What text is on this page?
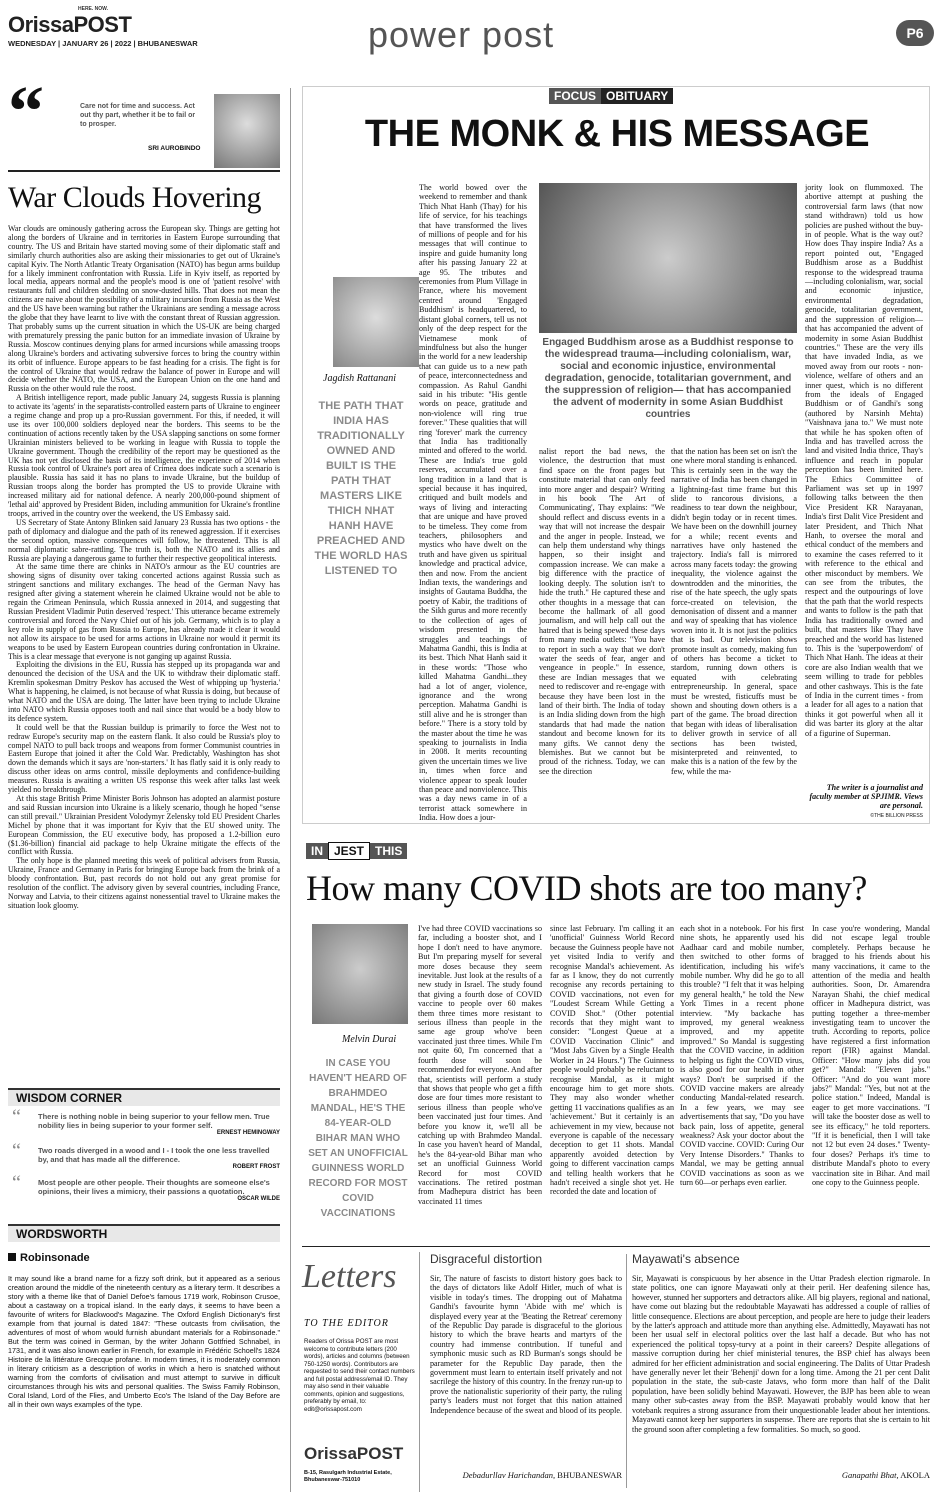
OrissaPOST
HERE. NOW.
WEDNESDAY | JANUARY 26 | 2022 | BHUBANESWAR	power post	P6
“	Care not for time and success. Act out thy part, whether it be to fail or to prosper.
SRI AUROBINDO
War Clouds Hovering
War clouds are ominously gathering across the European sky. Things are getting hot along the borders of Ukraine and in territories in Eastern Europe surrounding that country. The US and Britain have started moving some of their diplomatic staff and similarly church authorities also are asking their missionaries to get out of Ukraine's capital Kyiv. The North Atlantic Treaty Organisation (NATO) has begun arms buildup for a likely imminent confrontation with Russia. Life in Kyiv itself, as reported by local media, appears normal and the people's mood is one of 'patient resolve' with restaurants full and children sledding on snow-dusted hills. That does not mean the citizens are naive about the possibility of a military incursion from Russia as the West and the US have been warning but rather the Ukrainians are sending a message across the globe that they have learnt to live with the constant threat of Russian aggression. That probably sums up the current situation in which the US-UK are being charged with prematurely pressing the panic button for an immediate invasion of Ukraine by Russia. Moscow continues denying plans for armed incursions while amassing troops along Ukraine's borders and activating subversive forces to bring the country within its orbit of influence. Europe appears to be fast heading for a crisis. The fight is for the control of Ukraine that would redraw the balance of power in Europe and will decide whether the NATO, the USA, and the European Union on the one hand and Russia on the other would rule the roost.
A British intelligence report, made public January 24, suggests Russia is planning to activate its 'agents' in the separatists-controlled eastern parts of Ukraine to engineer a regime change and prop up a pro-Russian government. For this, if needed, it will use its over 100,000 soldiers deployed near the borders. This seems to be the continuation of actions recently taken by the USA slapping sanctions on some former Ukrainian ministers believed to be working in league with Russia to topple the Ukraine government. Though the credibility of the report may be questioned as the UK has not yet disclosed the basis of its intelligence, the experience of 2014 when Russia took control of Ukraine's port area of Crimea does indicate such a scenario is plausible. Russia has said it has no plans to invade Ukraine, but the buildup of Russian troops along the border has prompted the US to provide Ukraine with increased military aid for national defence. A nearly 200,000-pound shipment of 'lethal aid' approved by President Biden, including ammunition for Ukraine's frontline troops, arrived in the country over the weekend, the US Embassy said.
US Secretary of State Antony Blinken said January 23 Russia has two options - the path of diplomacy and dialogue and the path of its renewed aggression. If it exercises the second option, massive consequences will follow, he threatened. This is all normal diplomatic sabre-rattling. The truth is, both the NATO and its allies and Russia are playing a dangerous game to further their respective geopolitical interests.
At the same time there are chinks in NATO's armour as the EU countries are showing signs of disunity over taking concerted actions against Russia such as stringent sanctions and military exchanges. The head of the German Navy has resigned after giving a statement wherein he claimed Ukraine would not be able to regain the Crimean Peninsula, which Russia annexed in 2014, and suggesting that Russian President Vladimir Putin deserved 'respect.' This utterance became extremely controversial and forced the Navy Chief out of his job. Germany, which is to play a key role in supply of gas from Russia to Europe, has already made it clear it would not allow its airspace to be used for arms actions in Ukraine nor would it permit its weapons to be used by Eastern European countries during confrontation in Ukraine. This is a clear message that everyone is not ganging up against Russia.
Exploiting the divisions in the EU, Russia has stepped up its propaganda war and denounced the decision of the USA and the UK to withdraw their diplomatic staff. Kremlin spokesman Dmitry Peskov has accused the West of whipping up 'hysteria.' What is happening, he claimed, is not because of what Russia is doing, but because of what NATO and the USA are doing. The latter have been trying to include Ukraine into NATO which Russia opposes tooth and nail since that would be a body blow to its defence system.
It could well be that the Russian buildup is primarily to force the West not to redraw Europe's security map on the eastern flank. It also could be Russia's ploy to compel NATO to pull back troops and weapons from former Communist countries in Eastern Europe that joined it after the Cold War. Predictably, Washington has shot down the demands which it says are 'non-starters.' It has flatly said it is only ready to discuss other ideas on arms control, missile deployments and confidence-building measures. Russia is awaiting a written US response this week after talks last week yielded no breakthrough.
At this stage British Prime Minister Boris Johnson has adopted an alarmist posture and said Russian incursion into Ukraine is a likely scenario, though he hoped "sense can still prevail." Ukrainian President Volodymyr Zelensky told EU President Charles Michel by phone that it was important for Kyiv that the EU showed unity. The European Commission, the EU executive body, has proposed a 1.2-billion euro ($1.36-billion) financial aid package to help Ukraine mitigate the effects of the conflict with Russia.
The only hope is the planned meeting this week of political advisers from Russia, Ukraine, France and Germany in Paris for bringing Europe back from the brink of a bloody confrontation. But, past records do not hold out any great promise for resolution of the conflict. The advisory given by several countries, including France, Norway and Latvia, to their citizens against nonessential travel to Ukraine makes the situation look gloomy.
WISDOM CORNER
“ There is nothing noble in being superior to your fellow men. True nobility lies in being superior to your former self.
ERNEST HEMINGWAY
“ Two roads diverged in a wood and I - I took the one less travelled by, and that has made all the difference.
ROBERT FROST
“ Most people are other people. Their thoughts are someone else's opinions, their lives a mimicry, their passions a quotation.
OSCAR WILDE
WORDSWORTH
Robinsonade
It may sound like a brand name for a fizzy soft drink, but it appeared as a serious creation around the middle of the nineteenth century as a literary term. It describes a story with a theme like that of Daniel Defoe's famous 1719 work, Robinson Crusoe, about a castaway on a tropical island. In the early days, it seems to have been a favourite of writers for Blackwood's Magazine. The Oxford English Dictionary's first example from that journal is dated 1847: "These outcasts from civilisation, the adventures of most of whom would furnish abundant materials for a Robinsonade." But the term was coined in German, by the writer Johann Gottfried Schnabel, in 1731, and it was also known earlier in French, for example in Frédéric Schoell's 1824 Histoire de la littérature Grecque profane. In modern times, it is moderately common in literary criticism as a description of works in which a hero is snatched without warning from the comforts of civilisation and must attempt to survive in difficult circumstances through his wits and personal qualities. The Swiss Family Robinson, Coral Island, Lord of the Flies, and Umberto Eco's The Island of the Day Before are all in their own ways examples of the type.
FOCUS OBITUARY
THE MONK & HIS MESSAGE
Jagdish Rattanani
THE PATH THAT INDIA HAS TRADITIONALLY OWNED AND BUILT IS THE PATH THAT MASTERS LIKE THICH NHAT HANH HAVE PREACHED AND THE WORLD HAS LISTENED TO
The world bowed over the weekend to remember and thank Thich Nhat Hanh (Thay) for his life of service, for his teachings that have transformed the lives of millions of people and for his messages that will continue to inspire and guide humanity long after his passing January 22 at age 95. The tributes and ceremonies from Plum Village in France, where his movement centred around 'Engaged Buddhism' is headquartered, to distant global corners, tell us not only of the deep respect for the Vietnamese monk of mindfulness but also the hunger in the world for a new leadership that can guide us to a new path of peace, interconnectedness and compassion. As Rahul Gandhi said in his tribute: "His gentle words on peace, gratitude and non-violence will ring true forever." These qualities that will ring 'forever' mark the currency that India has traditionally minted and offered to the world. These are India's true gold reserves, accumulated over a long tradition in a land that is special because it has inquired, critiqued and built models and ways of living and interacting that are unique and have proved to be timeless. They come from teachers, philosophers and mystics who have dwelt on the truth and have given us spiritual knowledge and practical advice, then and now. From the ancient Indian texts, the wanderings and insights of Gautama Buddha, the poetry of Kabir, the traditions of the Sikh gurus and more recently to the collection of ages of wisdom presented in the struggles and teachings of Mahatma Gandhi, this is India at its best. Thich Nhat Hanh said it in these words: "Those who killed Mahatma Gandhi...they had a lot of anger, violence, ignorance and the wrong perception. Mahatma Gandhi is still alive and he is stronger than before." There is a story told by the master about the time he was speaking to journalists in India in 2008. It merits recounting given the uncertain times we live in, times when force and violence appear to speak louder than peace and nonviolence. This was a day news came in of a terrorist attack somewhere in India. How does a jour-
Engaged Buddhism arose as a Buddhist response to the widespread trauma—including colonialism, war, social and economic injustice, environmental degradation, genocide, totalitarian government, and the suppression of religion— that has accompanied the advent of modernity in some Asian Buddhist countries
nalist report the bad news, the violence, the destruction that must find space on the front pages but constitute material that can only feed into more anger and despair? Writing in his book 'The Art of Communicating', Thay explains: "We should reflect and discuss events in a way that will not increase the despair and the anger in people. Instead, we can help them understand why things happen, so their insight and compassion increase. We can make a big difference with the practice of looking deeply. The solution isn't to hide the truth." He captured these and other thoughts in a message that can become the hallmark of all good journalism, and will help call out the hatred that is being spewed these days from many media outlets: "You have to report in such a way that we don't water the seeds of fear, anger and vengeance in people." In essence, these are Indian messages that we need to rediscover and re-engage with because they have been lost in the land of their birth. The India of today is an India sliding down from the high standards that had made the nation standout and become known for its many gifts. We cannot deny the blemishes. But we cannot but be proud of the richness. Today, we can see the direction
that the nation has been set on isn't the one where moral standing is enhanced. This is certainly seen in the way the narrative of India has been changed in a lightning-fast time frame but this slide to rancorous divisions, a readiness to tear down the neighbour, didn't begin today or in recent times. We have been on the downhill journey for a while; recent events and narratives have only hastened the trajectory. India's fall is mirrored across many facets today: the growing inequality, the violence against the downtrodden and the minorities, the rise of the hate speech, the ugly spats force-created on television, the demonisation of dissent and a manner and way of speaking that has violence woven into it. It is not just the politics that is bad. Our television shows promote insult as comedy, making fun of others has become a ticket to stardom, running down others is equated with celebrating entrepreneurship. In general, space must be wrested, fisticuffs must be shown and shouting down others is a part of the game. The broad direction that began with ideas of liberalisation to deliver growth in service of all sections has been twisted, misinterpreted and reinvented, to make this is a nation of the few by the few, while the ma-
jority look on flummoxed. The abortive attempt at pushing the controversial farm laws (that now stand withdrawn) told us how policies are pushed without the buy-in of people. What is the way out? How does Thay inspire India? As a report pointed out, "Engaged Buddhism arose as a Buddhist response to the widespread trauma—including colonialism, war, social and economic injustice, environmental degradation, genocide, totalitarian government, and the suppression of religion—that has accompanied the advent of modernity in some Asian Buddhist countries." These are the very ills that have invaded India, as we moved away from our roots - non-violence, welfare of others and an inner quest, which is no different from the ideals of Engaged Buddhism or of Gandhi's song (authored by Narsinh Mehta) "Vaishnava jana to." We must note that while he has spoken often of India and has travelled across the land and visited India thrice, Thay's influence and reach in popular perception has been limited here. The Ethics Committee of Parliament was set up in 1997 following talks between the then Vice President KR Narayanan, India's first Dalit Vice President and later President, and Thich Nhat Hanh, to oversee the moral and ethical conduct of the members and to examine the cases referred to it with reference to the ethical and other misconduct by members. We can see from the tributes, the respect and the outpourings of love that the path that the world respects and wants to follow is the path that India has traditionally owned and built, that masters like Thay have preached and the world has listened to. This is the 'superpowerdom' of Thich Nhat Hanh. The ideas at their core are also Indian wealth that we seem willing to trade for pebbles and other cashways. This is the fate of India in the current times - from a leader for all ages to a nation that thinks it got powerful when all it did was barter its glory at the altar of a figurine of Superman.
The writer is a journalist and faculty member at SPJIMR. Views are personal.
©THE BILLION PRESS
IN JEST THIS
How many COVID shots are too many?
Melvin Durai
IN CASE YOU HAVEN'T HEARD OF BRAHMDEO MANDAL, HE'S THE 84-YEAR-OLD BIHAR MAN WHO SET AN UNOFFICIAL GUINNESS WORLD RECORD FOR MOST COVID VACCINATIONS
I've had three COVID vaccinations so far, including a booster shot, and I hope I don't need to have anymore. But I'm preparing myself for several more doses because they seem inevitable. Just look at the results of a new study in Israel. The study found that giving a fourth dose of COVID vaccine to people over 60 makes them three times more resistant to serious illness than people in the same age group who've been vaccinated just three times. While I'm not quite 60, I'm concerned that a fourth dose will soon be recommended for everyone. And after that, scientists will perform a study that shows that people who get a fifth dose are four times more resistant to serious illness than people who've been vaccinated just four times. And before you know it, we'll all be catching up with Brahmdeo Mandal. In case you haven't heard of Mandal, he's the 84-year-old Bihar man who set an unofficial Guinness World Record for most COVID vaccinations. The retired postman from Madhepura district has been vaccinated 11 times
since last February. I'm calling it an 'unofficial' Guinness World Record because the Guinness people have not yet visited India to verify and recognise Mandal's achievement. As far as I know, they do not currently recognise any records pertaining to COVID vaccinations, not even for "Loudest Scream While Getting a COVID Shot." (Other potential records that they might want to consider: "Longest Queue at a COVID Vaccination Clinic" and "Most Jabs Given by a Single Health Worker in 24 Hours.") The Guinness people would probably be reluctant to recognise Mandal, as it might encourage him to get more shots. They may also wonder whether getting 11 vaccinations qualifies as an 'achievement.' But it certainly is an achievement in my view, because not everyone is capable of the necessary deception to get 11 shots. Mandal apparently avoided detection by going to different vaccination camps and telling health workers that he hadn't received a single shot yet. He recorded the date and location of
each shot in a notebook. For his first nine shots, he apparently used his Aadhaar card and mobile number, then switched to other forms of identification, including his wife's mobile number. Why did he go to all this trouble? "I felt that it was helping my general health," he told the New York Times in a recent phone interview. "My backache has improved, my general weakness improved, and my appetite improved." So Mandal is suggesting that the COVID vaccine, in addition to helping us fight the COVID virus, is also good for our health in other ways? Don't be surprised if the COVID vaccine makers are already conducting Mandal-related research. In a few years, we may see advertisements that say, "Do you have back pain, loss of appetite, general weakness? Ask your doctor about the COVID vaccine. COVID: Curing Our Very Intense Disorders." Thanks to Mandal, we may be getting annual COVID vaccinations as soon as we turn 60—or perhaps even earlier.
In case you're wondering, Mandal did not escape legal trouble completely. Perhaps because he bragged to his friends about his many vaccinations, it came to the attention of the media and health authorities. Soon, Dr. Amarendra Narayan Shahi, the chief medical officer in Madhepura district, was putting together a three-member investigating team to uncover the truth. According to reports, police have registered a first information report (FIR) against Mandal. Officer: "How many jabs did you get?" Mandal: "Eleven jabs." Officer: "And do you want more jabs?" Mandal: "Yes, but not at the police station." Indeed, Mandal is eager to get more vaccinations. "I will take the booster dose as well to see its efficacy," he told reporters. "If it is beneficial, then I will take not 12 but even 24 doses." Twenty-four doses? Perhaps it's time to distribute Mandal's photo to every vaccination site in Bihar. And mail one copy to the Guinness people.
Letters
TO THE EDITOR
Readers of Orissa POST are most welcome to contribute letters (200 words), articles and columns (between 750-1250 words). Contributors are requested to send their contact numbers and full postal address/email ID. They may also send in their valuable comments, opinion and suggestions, preferably by email, to: edit@orissapost.com
OrissaPOST
B-15, Rasulgarh Industrial Estate, Bhubaneswar-751010
Disgraceful distortion
Sir, The nature of fascists to distort history goes back to the days of dictators like Adolf Hitler, much of what is visible in today's times. The dropping out of Mahatma Gandhi's favourite hymn 'Abide with me' which is displayed every year at the 'Beating the Retreat' ceremony of the Republic Day parade is disgraceful to the glorious history to which the brave hearts and martyrs of the country had immense contribution. If tuneful and symphonic music such as RD Burman's songs should be parameter for the Republic Day parade, then the government must learn to entertain itself privately and not sacrilege the history of this country. In the frenzy run-up to prove the nationalistic superiority of their party, the ruling party's leaders must not forget that this nation attained Independence because of the sweat and blood of its people.
Debadurllav Harichandan, BHUBANESWAR
Mayawati's absence
Sir, Mayawati is conspicuous by her absence in the Uttar Pradesh election rigmarole. In state politics, one can ignore Mayawati only at their peril. Her deafening silence has, however, stunned her supporters and detractors alike. All big players, regional and national, have come out blazing but the redoubtable Mayawati has addressed a couple of rallies of little consequence. Elections are about perception, and people are here to judge their leaders by the latter's approach and attitude more than anything else. Admittedly, Mayawati has not been her usual self in electoral politics over the last half a decade. But who has not experienced the political topsy-turvy at a point in their careers? Despite allegations of massive corruption during her chief ministerial tenures, the BSP chief has always been admired for her efficient administration and social engineering. The Dalits of Uttar Pradesh have generally never let their 'Behenji' down for a long time. Among the 21 per cent Dalit population in the state, the sub-caste Jatavs, who form more than half of the Dalit population, have been solidly behind Mayawati. However, the BJP has been able to wean many other sub-castes away from the BSP. Mayawati probably would know that her votebank requires a strong assurance from their unquestionable leader about her intentions. Mayawati cannot keep her supporters in suspense. There are reports that she is certain to hit the ground soon after completing a few formalities. So much, so good.
Ganapathi Bhat, AKOLA
